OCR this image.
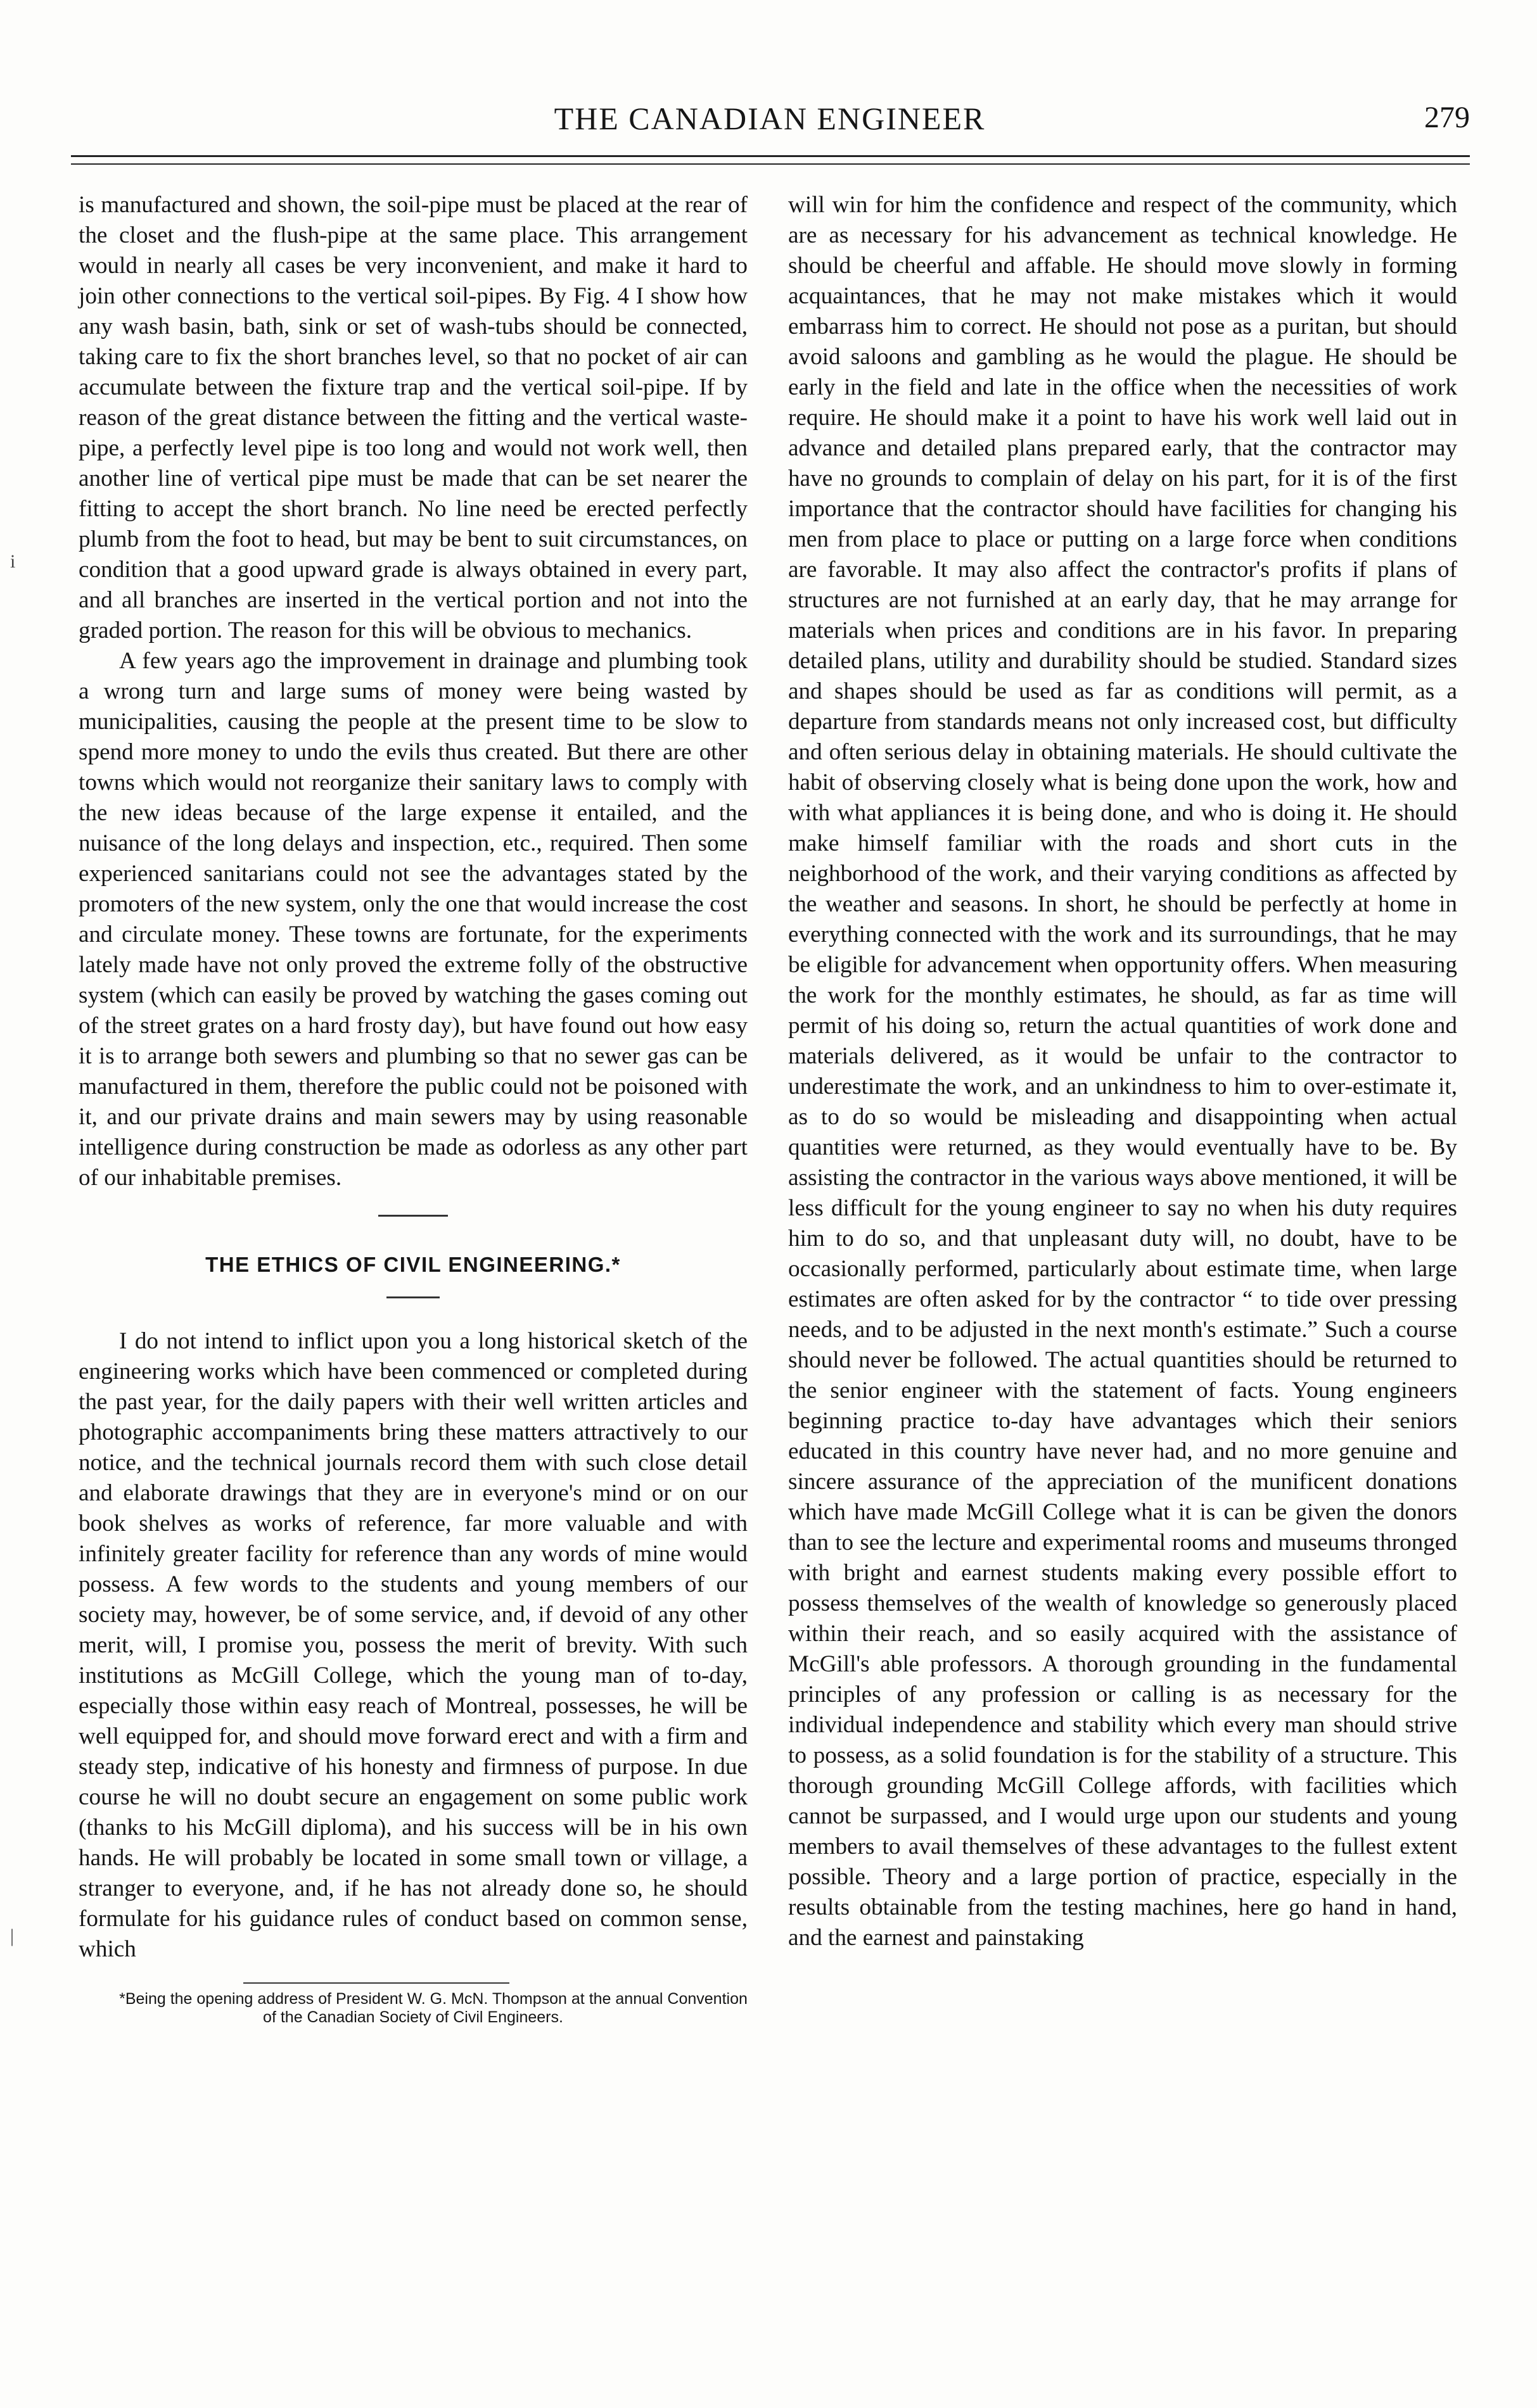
THE CANADIAN ENGINEER	279

is manufactured and shown, the soil-pipe must be placed at the rear of the closet and the flush-pipe at the same place. This arrangement would in nearly all cases be very inconvenient, and make it hard to join other connections to the vertical soil-pipes. By Fig. 4 I show how any wash basin, bath, sink or set of wash-tubs should be connected, taking care to fix the short branches level, so that no pocket of air can accumulate between the fixture trap and the vertical soil-pipe. If by reason of the great distance between the fitting and the vertical waste-pipe, a perfectly level pipe is too long and would not work well, then another line of vertical pipe must be made that can be set nearer the fitting to accept the short branch. No line need be erected perfectly plumb from the foot to head, but may be bent to suit circumstances, on condition that a good upward grade is always obtained in every part, and all branches are inserted in the vertical portion and not into the graded portion. The reason for this will be obvious to mechanics.

A few years ago the improvement in drainage and plumbing took a wrong turn and large sums of money were being wasted by municipalities, causing the people at the present time to be slow to spend more money to undo the evils thus created. But there are other towns which would not reorganize their sanitary laws to comply with the new ideas because of the large expense it entailed, and the nuisance of the long delays and inspection, etc., required. Then some experienced sanitarians could not see the advantages stated by the promoters of the new system, only the one that would increase the cost and circulate money. These towns are fortunate, for the experiments lately made have not only proved the extreme folly of the obstructive system (which can easily be proved by watching the gases coming out of the street grates on a hard frosty day), but have found out how easy it is to arrange both sewers and plumbing so that no sewer gas can be manufactured in them, therefore the public could not be poisoned with it, and our private drains and main sewers may by using reasonable intelligence during construction be made as odorless as any other part of our inhabitable premises.

THE ETHICS OF CIVIL ENGINEERING.*

I do not intend to inflict upon you a long historical sketch of the engineering works which have been commenced or completed during the past year, for the daily papers with their well written articles and photographic accompaniments bring these matters attractively to our notice, and the technical journals record them with such close detail and elaborate drawings that they are in everyone's mind or on our book shelves as works of reference, far more valuable and with infinitely greater facility for reference than any words of mine would possess. A few words to the students and young members of our society may, however, be of some service, and, if devoid of any other merit, will, I promise you, possess the merit of brevity. With such institutions as McGill College, which the young man of to-day, especially those within easy reach of Montreal, possesses, he will be well equipped for, and should move forward erect and with a firm and steady step, indicative of his honesty and firmness of purpose. In due course he will no doubt secure an engagement on some public work (thanks to his McGill diploma), and his success will be in his own hands. He will probably be located in some small town or village, a stranger to everyone, and, if he has not already done so, he should formulate for his guidance rules of conduct based on common sense, which

*Being the opening address of President W. G. McN. Thompson at the annual Convention of the Canadian Society of Civil Engineers.

will win for him the confidence and respect of the community, which are as necessary for his advancement as technical knowledge. He should be cheerful and affable. He should move slowly in forming acquaintances, that he may not make mistakes which it would embarrass him to correct. He should not pose as a puritan, but should avoid saloons and gambling as he would the plague. He should be early in the field and late in the office when the necessities of work require. He should make it a point to have his work well laid out in advance and detailed plans prepared early, that the contractor may have no grounds to complain of delay on his part, for it is of the first importance that the contractor should have facilities for changing his men from place to place or putting on a large force when conditions are favorable. It may also affect the contractor's profits if plans of structures are not furnished at an early day, that he may arrange for materials when prices and conditions are in his favor. In preparing detailed plans, utility and durability should be studied. Standard sizes and shapes should be used as far as conditions will permit, as a departure from standards means not only increased cost, but difficulty and often serious delay in obtaining materials. He should cultivate the habit of observing closely what is being done upon the work, how and with what appliances it is being done, and who is doing it. He should make himself familiar with the roads and short cuts in the neighborhood of the work, and their varying conditions as affected by the weather and seasons. In short, he should be perfectly at home in everything connected with the work and its surroundings, that he may be eligible for advancement when opportunity offers. When measuring the work for the monthly estimates, he should, as far as time will permit of his doing so, return the actual quantities of work done and materials delivered, as it would be unfair to the contractor to underestimate the work, and an unkindness to him to over-estimate it, as to do so would be misleading and disappointing when actual quantities were returned, as they would eventually have to be. By assisting the contractor in the various ways above mentioned, it will be less difficult for the young engineer to say no when his duty requires him to do so, and that unpleasant duty will, no doubt, have to be occasionally performed, particularly about estimate time, when large estimates are often asked for by the contractor “ to tide over pressing needs, and to be adjusted in the next month's estimate.” Such a course should never be followed. The actual quantities should be returned to the senior engineer with the statement of facts. Young engineers beginning practice to-day have advantages which their seniors educated in this country have never had, and no more genuine and sincere assurance of the appreciation of the munificent donations which have made McGill College what it is can be given the donors than to see the lecture and experimental rooms and museums thronged with bright and earnest students making every possible effort to possess themselves of the wealth of knowledge so generously placed within their reach, and so easily acquired with the assistance of McGill's able professors. A thorough grounding in the fundamental principles of any profession or calling is as necessary for the individual independence and stability which every man should strive to possess, as a solid foundation is for the stability of a structure. This thorough grounding McGill College affords, with facilities which cannot be surpassed, and I would urge upon our students and young members to avail themselves of these advantages to the fullest extent possible. Theory and a large portion of practice, especially in the results obtainable from the testing machines, here go hand in hand, and the earnest and painstaking

і
|
